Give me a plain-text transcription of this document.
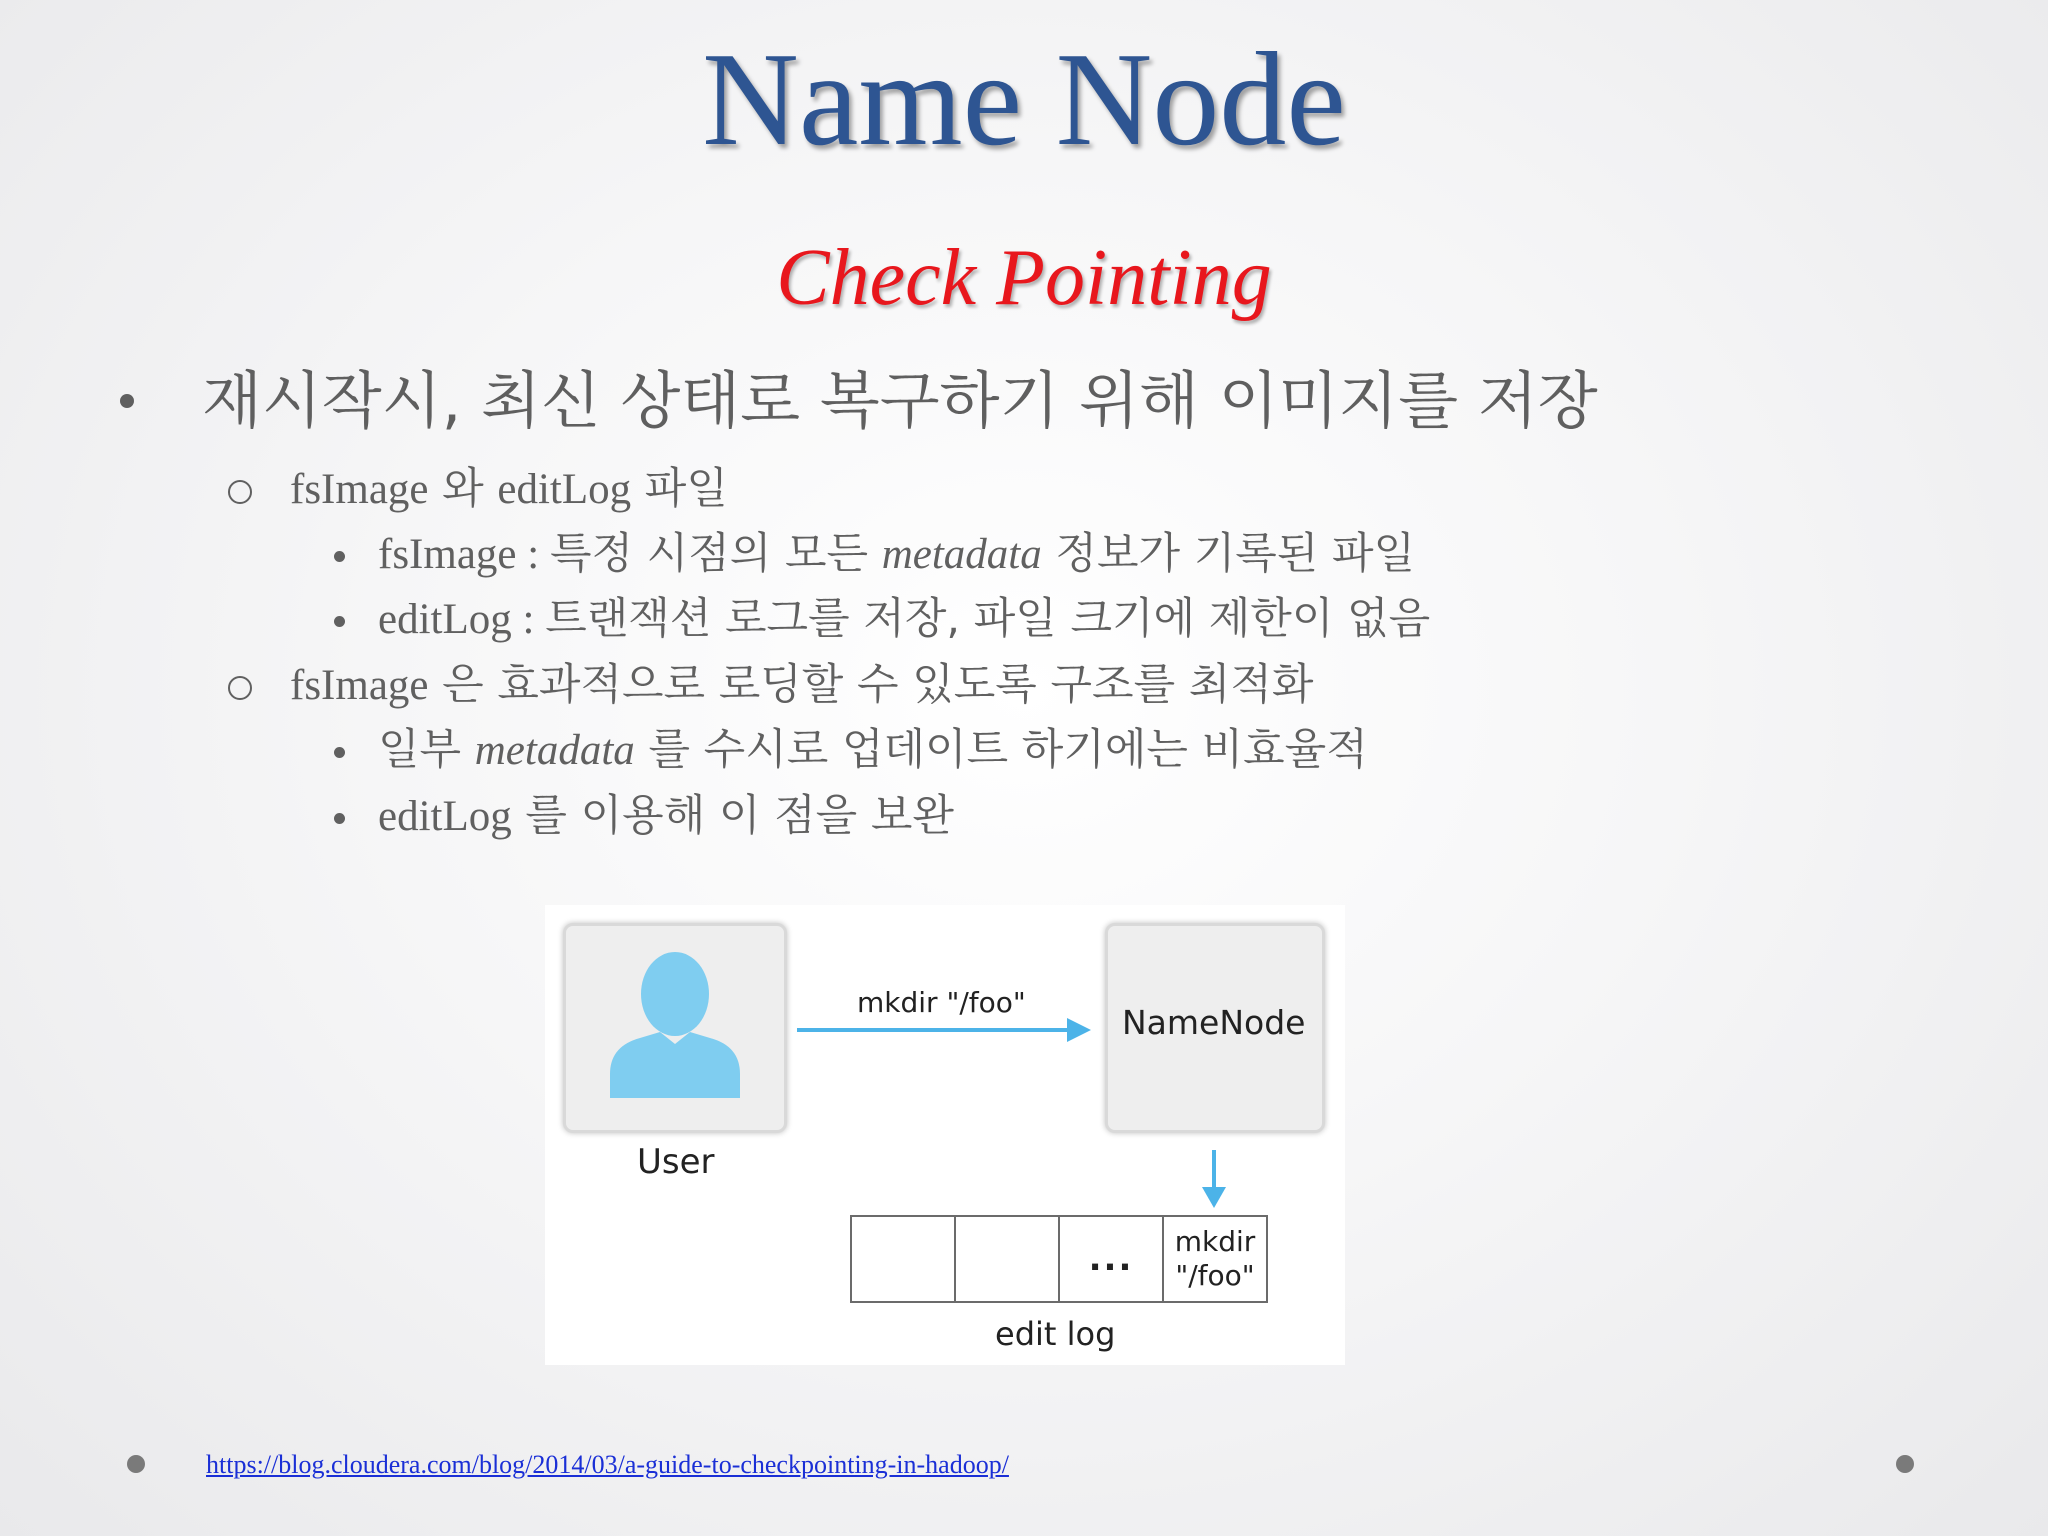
Name Node
Check Pointing
재시작시, 최신 상태로 복구하기 위해 이미지를 저장
fsImage 와 editLog 파일
fsImage : 특정 시점의 모든 metadata 정보가 기록된 파일
editLog : 트랜잭션 로그를 저장, 파일 크기에 제한이 없음
fsImage 은 효과적으로 로딩할 수 있도록 구조를 최적화
일부 metadata 를 수시로 업데이트 하기에는 비효율적
editLog 를 이용해 이 점을 보완
User
mkdir "/foo"
NameNode
...	mkdir
"/foo"
edit log
https://blog.cloudera.com/blog/2014/03/a-guide-to-checkpointing-in-hadoop/
